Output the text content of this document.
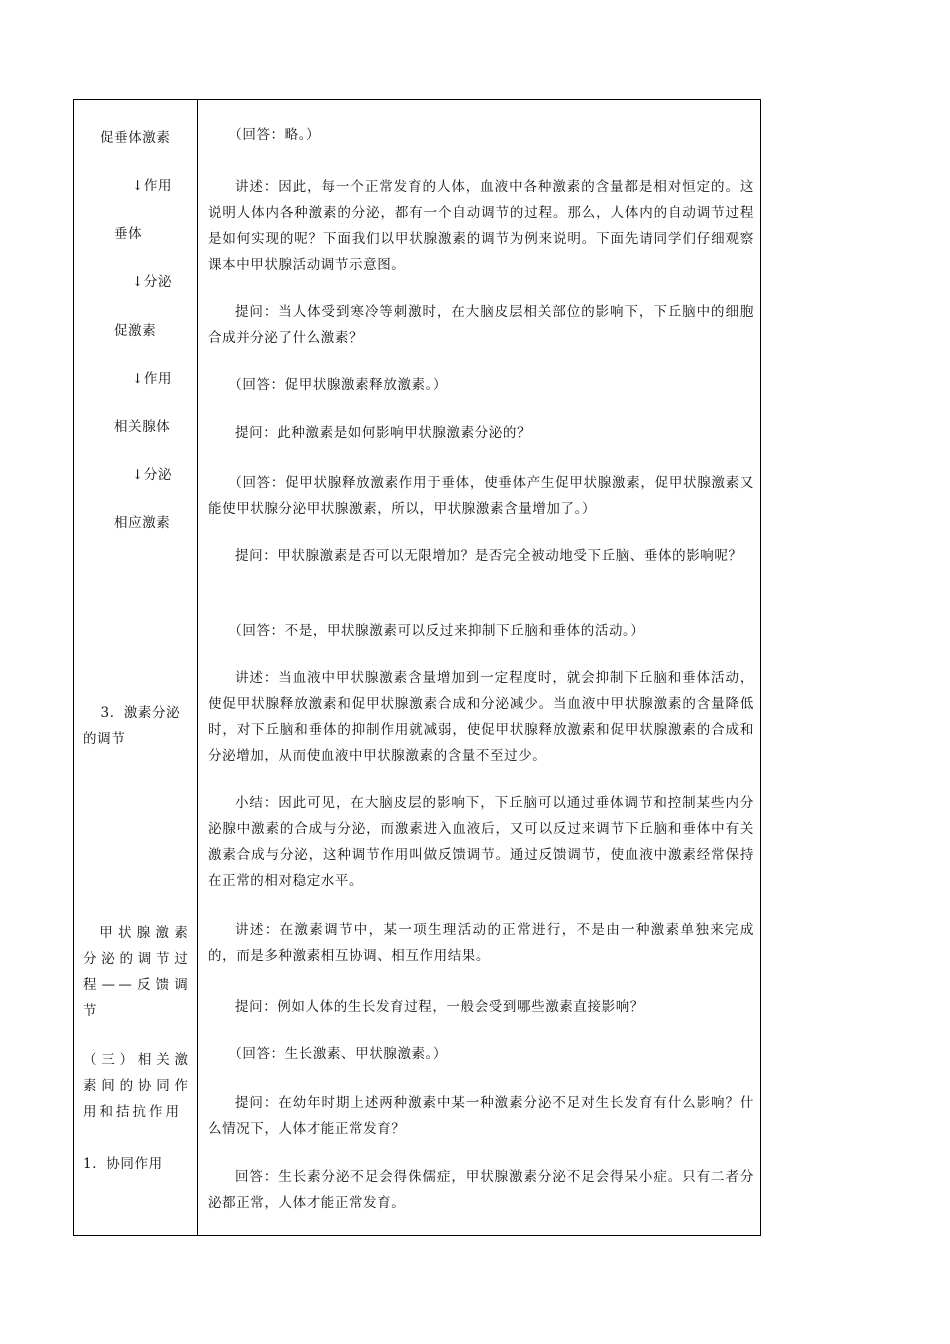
促垂体激素

↓作用

垂体

↓分泌

促激素

↓作用

相关腺体

↓分泌

相应激素

3．激素分泌的调节

甲状腺激素分泌的调节过程——反馈调节

（三）相关激素间的协同作用和拮抗作用

1．协同作用

（回答：略。）

讲述：因此，每一个正常发育的人体，血液中各种激素的含量都是相对恒定的。这说明人体内各种激素的分泌，都有一个自动调节的过程。那么，人体内的自动调节过程是如何实现的呢？下面我们以甲状腺激素的调节为例来说明。下面先请同学们仔细观察课本中甲状腺活动调节示意图。

提问：当人体受到寒冷等刺激时，在大脑皮层相关部位的影响下，下丘脑中的细胞合成并分泌了什么激素？

（回答：促甲状腺激素释放激素。）

提问：此种激素是如何影响甲状腺激素分泌的？

（回答：促甲状腺释放激素作用于垂体，使垂体产生促甲状腺激素，促甲状腺激素又能使甲状腺分泌甲状腺激素，所以，甲状腺激素含量增加了。）

提问：甲状腺激素是否可以无限增加？是否完全被动地受下丘脑、垂体的影响呢？

（回答：不是，甲状腺激素可以反过来抑制下丘脑和垂体的活动。）

讲述：当血液中甲状腺激素含量增加到一定程度时，就会抑制下丘脑和垂体活动，使促甲状腺释放激素和促甲状腺激素合成和分泌减少。当血液中甲状腺激素的含量降低时，对下丘脑和垂体的抑制作用就减弱，使促甲状腺释放激素和促甲状腺激素的合成和分泌增加，从而使血液中甲状腺激素的含量不至过少。

小结：因此可见，在大脑皮层的影响下，下丘脑可以通过垂体调节和控制某些内分泌腺中激素的合成与分泌，而激素进入血液后，又可以反过来调节下丘脑和垂体中有关激素合成与分泌，这种调节作用叫做反馈调节。通过反馈调节，使血液中激素经常保持在正常的相对稳定水平。

讲述：在激素调节中，某一项生理活动的正常进行，不是由一种激素单独来完成的，而是多种激素相互协调、相互作用结果。

提问：例如人体的生长发育过程，一般会受到哪些激素直接影响？

（回答：生长激素、甲状腺激素。）

提问：在幼年时期上述两种激素中某一种激素分泌不足对生长发育有什么影响？什么情况下，人体才能正常发育？

回答：生长素分泌不足会得侏儒症，甲状腺激素分泌不足会得呆小症。只有二者分泌都正常，人体才能正常发育。
